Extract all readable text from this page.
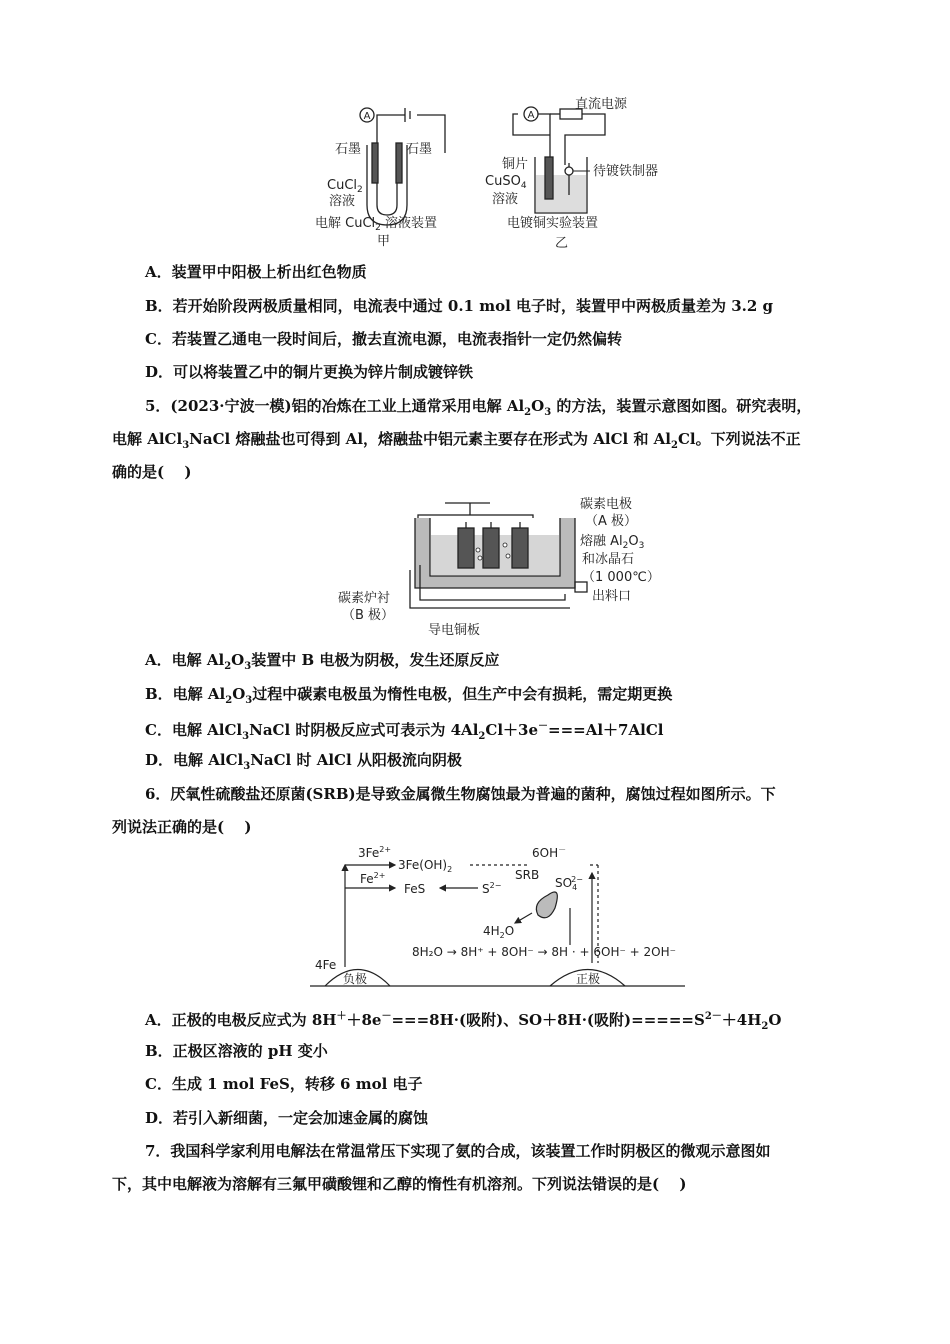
A
石墨	石墨
CuCl$_2$
溶液
电解 CuCl$_2$ 溶液装置
甲
A
直流电源
铜片
CuSO$_4$
溶液
待镀铁制器
电镀铜实验装置
乙
A．装置甲中阳极上析出红色物质
B．若开始阶段两极质量相同，电流表中通过 0.1 mol 电子时，装置甲中两极质量差为 3.2 g
C．若装置乙通电一段时间后，撤去直流电源，电流表指针一定仍然偏转
D．可以将装置乙中的铜片更换为锌片制成镀锌铁
5．(2023·宁波一模)铝的冶炼在工业上通常采用电解 $Al_2O_3$ 的方法，装置示意图如图。研究表明，
电解 AlCl$_3$NaCl 熔融盐也可得到 Al，熔融盐中铝元素主要存在形式为 AlCl 和 $Al_2Cl$。下列说法不正
确的是(　 )
碳素电极
（A 极）
熔融 $Al_2O_3$
和冰晶石
（1 000℃）
出料口
碳素炉衬
（B 极）
导电铜板
A．电解 $Al_2O_3$装置中 B 电极为阴极，发生还原反应
B．电解 $Al_2O_3$过程中碳素电极虽为惰性电极，但生产中会有损耗，需定期更换
C．电解 AlCl$_3$NaCl 时阴极反应式可表示为 $4Al_2Cl+3e^-===Al+7AlCl$
D．电解 AlCl$_3$NaCl 时 AlCl 从阳极流向阴极
6．厌氧性硫酸盐还原菌(SRB)是导致金属微生物腐蚀最为普遍的菌种，腐蚀过程如图所示。下
列说法正确的是(　 )
$3Fe^{2+}$
$3Fe(OH)_2$
6OH－
$Fe^{2+}$
FeS	$S^{2-}$
SRB
$SO_42-$
$4H_2O$
8H₂O → 8H⁺ + 8OH⁻ → 8H · + 6OH⁻ + 2OH⁻
4Fe
负极	正极
A．正极的电极反应式为 8H＋＋8e－===8H·(吸附)、SO＋8H·(吸附)$=====S^{2-}+4H_2O$
B．正极区溶液的 pH 变小
C．生成 1 mol FeS，转移 6 mol 电子
D．若引入新细菌，一定会加速金属的腐蚀
7．我国科学家利用电解法在常温常压下实现了氨的合成，该装置工作时阴极区的微观示意图如
下，其中电解液为溶解有三氟甲磺酸锂和乙醇的惰性有机溶剂。下列说法错误的是(　 )
